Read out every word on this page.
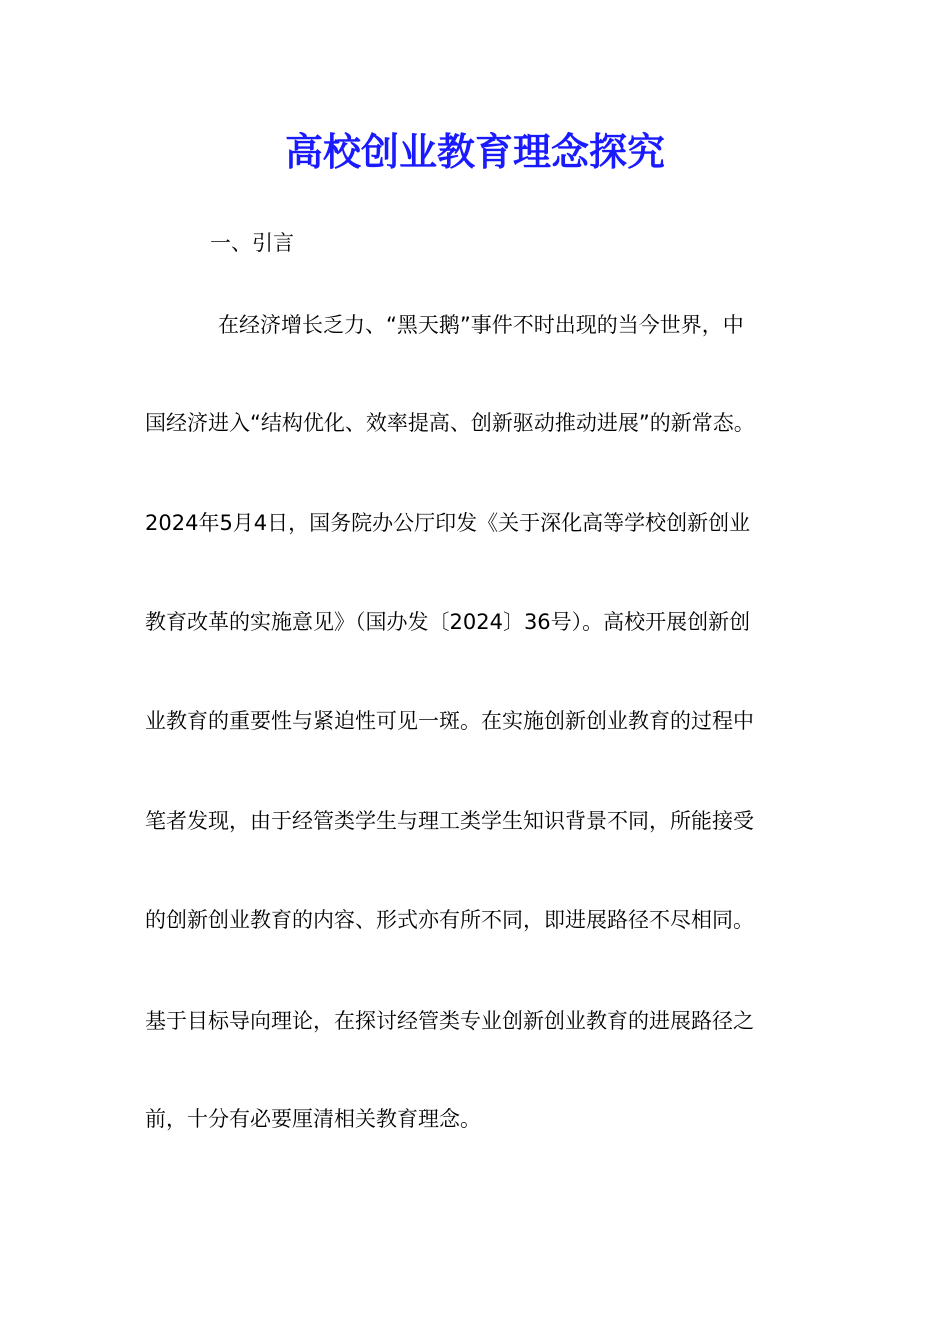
高校创业教育理念探究

一、引言

在经济增长乏力、“黑天鹅”事件不时出现的当今世界，中

国经济进入“结构优化、效率提高、创新驱动推动进展”的新常态。

2024年5月4日，国务院办公厅印发《关于深化高等学校创新创业

教育改革的实施意见》（国办发〔2024〕36号）。高校开展创新创

业教育的重要性与紧迫性可见一斑。在实施创新创业教育的过程中

笔者发现，由于经管类学生与理工类学生知识背景不同，所能接受

的创新创业教育的内容、形式亦有所不同，即进展路径不尽相同。

基于目标导向理论，在探讨经管类专业创新创业教育的进展路径之

前，十分有必要厘清相关教育理念。
